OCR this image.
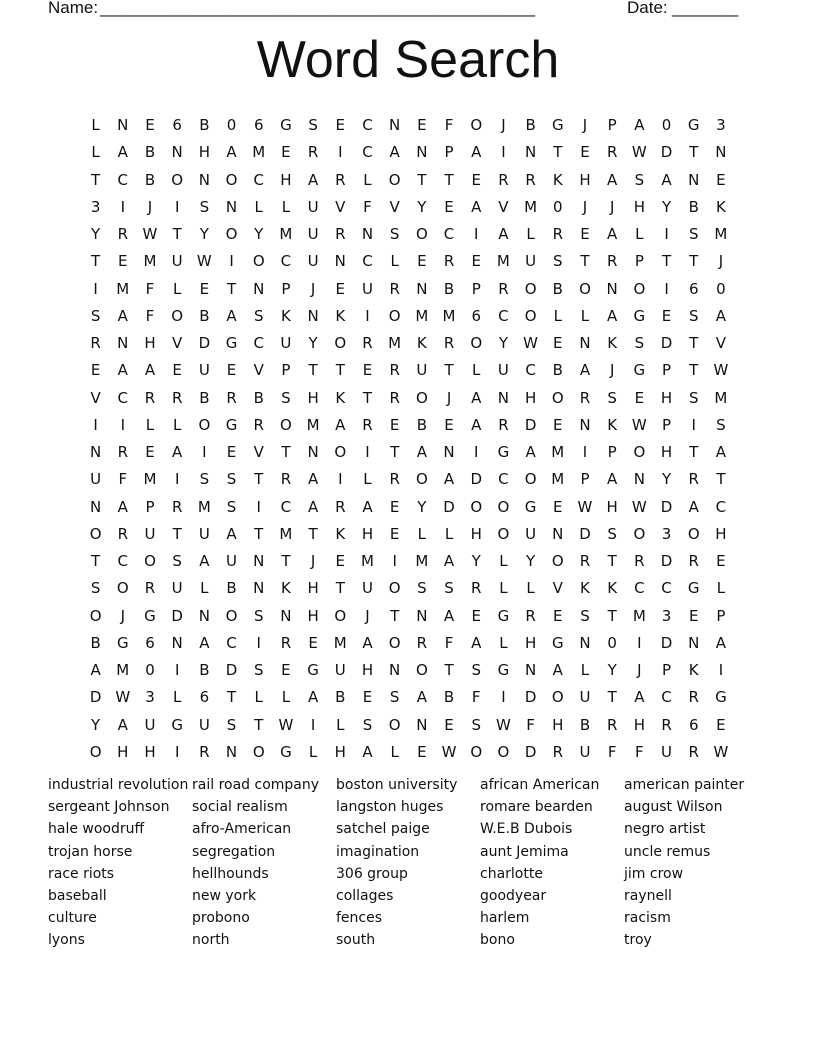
Name: ______________________________________________	Date: _______
Word Search
L N E 6 B 0 6 G S E C N E F O J B G J P A 0 G 3
L A B N H A M E R I C A N P A I N T E R W D T N
T C B O N O C H A R L O T T E R R K H A S A N E
3 I J I S N L L U V F V Y E A V M 0 J J H Y B K
Y R W T Y O Y M U R N S O C I A L R E A L I S M
T E M U W I O C U N C L E R E M U S T R P T T J
I M F L E T N P J E U R N B P R O B O N O I 6 0
S A F O B A S K N K I O M M 6 C O L L A G E S A
R N H V D G C U Y O R M K R O Y W E N K S D T V
E A A E U E V P T T E R U T L U C B A J G P T W
V C R R B R B S H K T R O J A N H O R S E H S M
I I L L O G R O M A R E B E A R D E N K W P I S
N R E A I E V T N O I T A N I G A M I P O H T A
U F M I S S T R A I L R O A D C O M P A N Y R T
N A P R M S I C A R A E Y D O O G E W H W D A C
O R U T U A T M T K H E L L H O U N D S O 3 O H
T C O S A U N T J E M I M A Y L Y O R T R D R E
S O R U L B N K H T U O S S R L L V K K C C G L
O J G D N O S N H O J T N A E G R E S T M 3 E P
B G 6 N A C I R E M A O R F A L H G N 0 I D N A
A M 0 I B D S E G U H N O T S G N A L Y J P K I
D W 3 L 6 T L L A B E S A B F I D O U T A C R G
Y A U G U S T W I L S O N E S W F H B R H R 6 E
O H H I R N O G L H A L E W O O D R U F F U R W
industrial revolution
sergeant Johnson
hale woodruff
trojan horse
race riots
baseball
culture
lyons
rail road company
social realism
afro-American
segregation
hellhounds
new york
probono
north
boston university
langston huges
satchel paige
imagination
306 group
collages
fences
south
african American
romare bearden
W.E.B Dubois
aunt Jemima
charlotte
goodyear
harlem
bono
american painter
august Wilson
negro artist
uncle remus
jim crow
raynell
racism
troy
